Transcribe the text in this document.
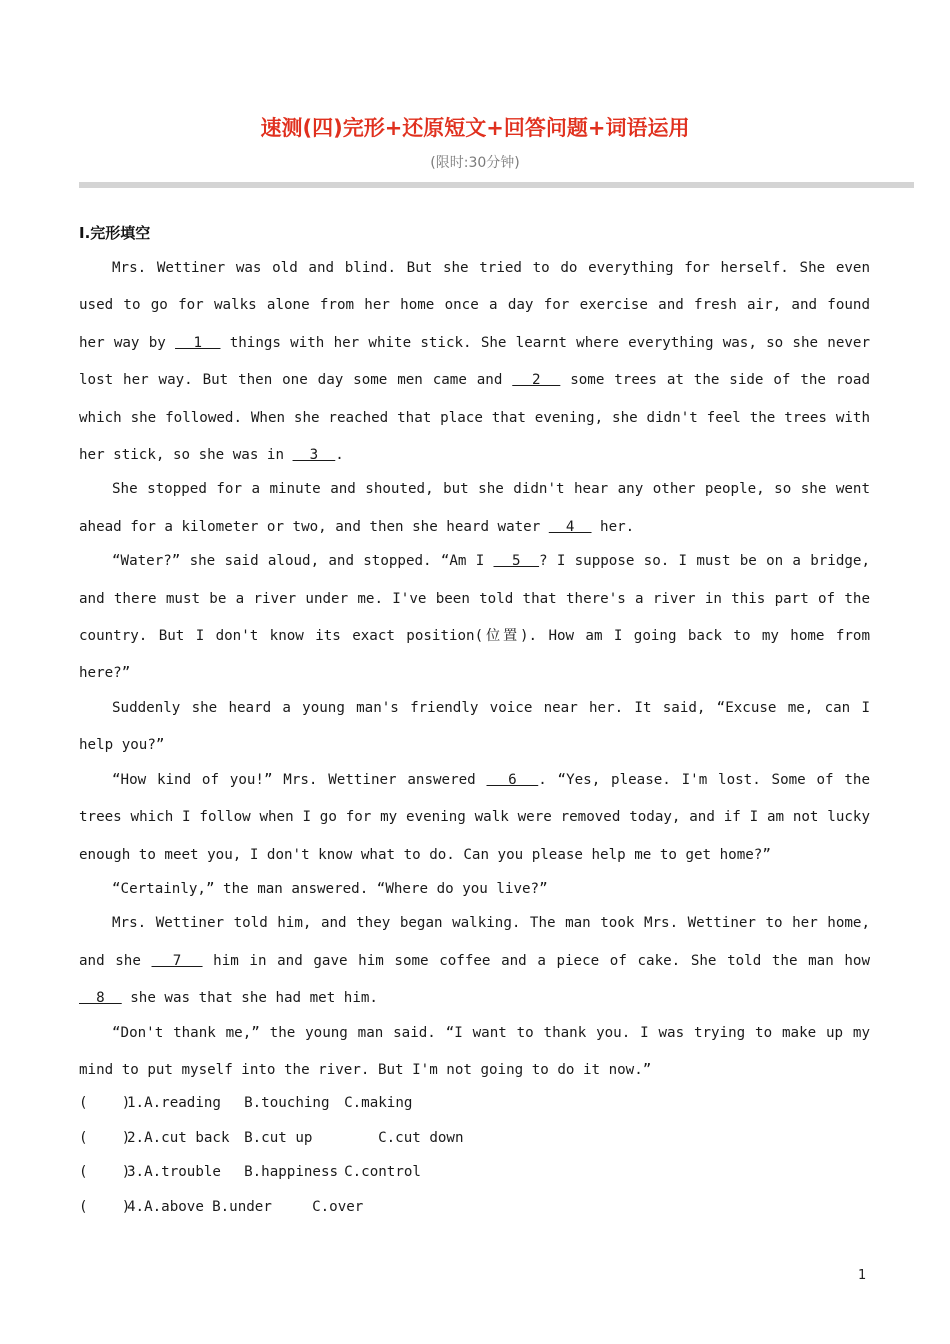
速测(四)完形+还原短文+回答问题+词语运用
(限时:30分钟)
Ⅰ.完形填空

Mrs. Wettiner was old and blind. But she tried to do everything for herself. She even used to go for walks alone from her home once a day for exercise and fresh air, and found her way by   1   things with her white stick. She learnt where everything was, so she never lost her way. But then one day some men came and   2   some trees at the side of the road which she followed. When she reached that place that evening, she didn't feel the trees with her stick, so she was in   3  .

She stopped for a minute and shouted, but she didn't hear any other people, so she went ahead for a kilometer or two, and then she heard water   4   her.

“Water?” she said aloud, and stopped. “Am I   5  ? I suppose so. I must be on a bridge, and there must be a river under me. I've been told that there's a river in this part of the country. But I don't know its exact position(位置). How am I going back to my home from here?”

Suddenly she heard a young man's friendly voice near her. It said, “Excuse me, can I help you?”

“How kind of you!” Mrs. Wettiner answered   6  . “Yes, please. I'm lost. Some of the trees which I follow when I go for my evening walk were removed today, and if I am not lucky enough to meet you, I don't know what to do. Can you please help me to get home?”

“Certainly,” the man answered. “Where do you live?”

Mrs. Wettiner told him, and they began walking. The man took Mrs. Wettiner to her home, and she   7   him in and gave him some coffee and a piece of cake. She told the man how   8   she was that she had met him.

“Don't thank me,” the young man said. “I want to thank you. I was trying to make up my mind to put myself into the river. But I'm not going to do it now.”

(    )1.A.reading B.touching C.making
(    )2.A.cut back B.cut up	C.cut down
(    )3.A.trouble B.happiness C.control
(    )4.A.above B.under	C.over
1
